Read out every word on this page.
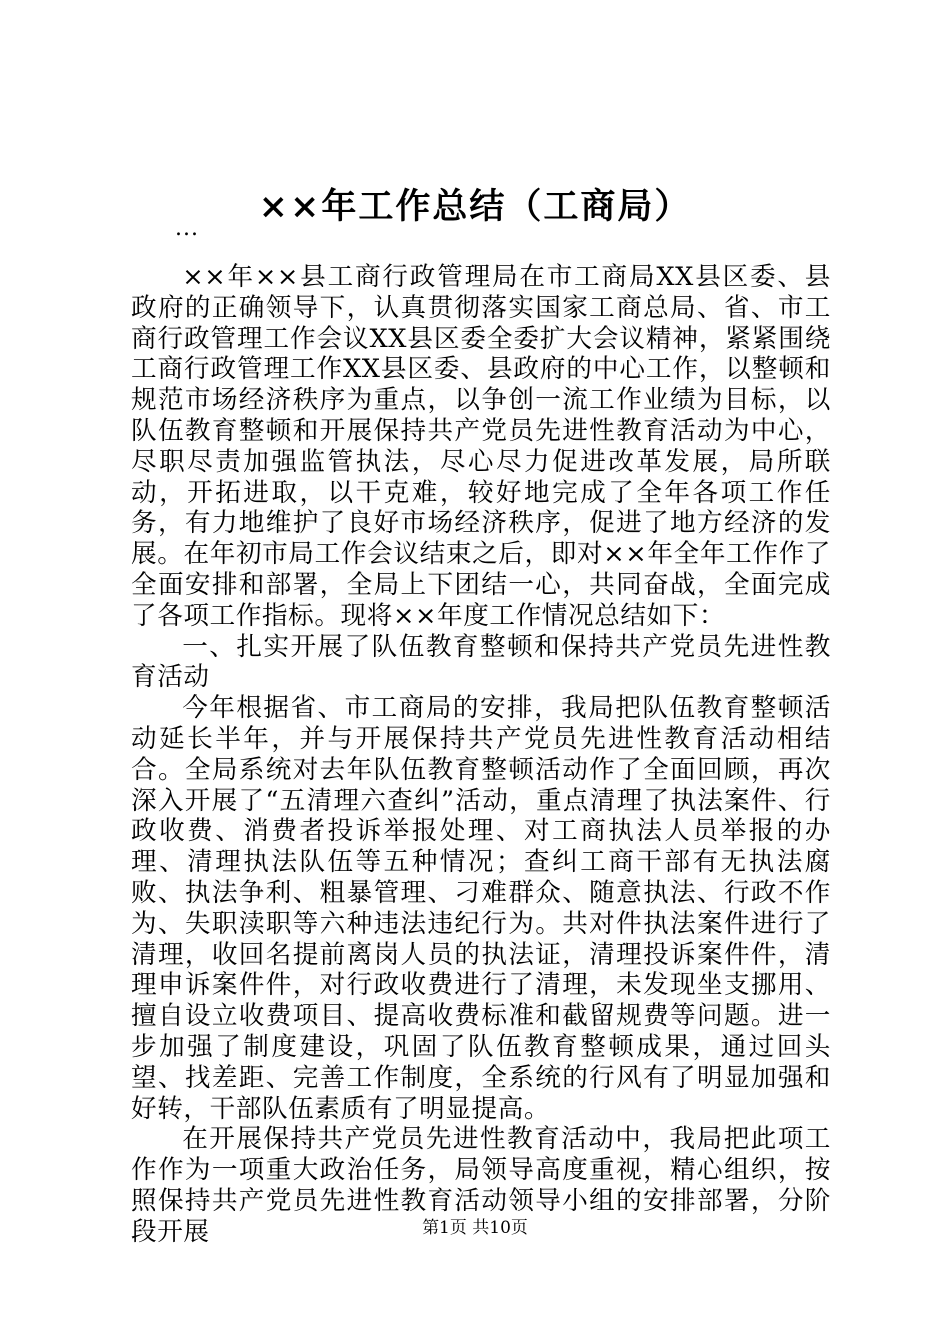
××年工作总结（工商局）
...

××年××县工商行政管理局在市工商局XX县区委、县政府的正确领导下，认真贯彻落实国家工商总局、省、市工商行政管理工作会议XX县区委全委扩大会议精神，紧紧围绕工商行政管理工作XX县区委、县政府的中心工作，以整顿和规范市场经济秩序为重点，以争创一流工作业绩为目标，以队伍教育整顿和开展保持共产党员先进性教育活动为中心，尽职尽责加强监管执法，尽心尽力促进改革发展，局所联动，开拓进取，以干克难，较好地完成了全年各项工作任务，有力地维护了良好市场经济秩序，促进了地方经济的发展。在年初市局工作会议结束之后，即对××年全年工作作了全面安排和部署，全局上下团结一心，共同奋战，全面完成了各项工作指标。现将××年度工作情况总结如下：

一、扎实开展了队伍教育整顿和保持共产党员先进性教育活动

今年根据省、市工商局的安排，我局把队伍教育整顿活动延长半年，并与开展保持共产党员先进性教育活动相结合。全局系统对去年队伍教育整顿活动作了全面回顾，再次深入开展了“五清理六查纠”活动，重点清理了执法案件、行政收费、消费者投诉举报处理、对工商执法人员举报的办理、清理执法队伍等五种情况；查纠工商干部有无执法腐败、执法争利、粗暴管理、刁难群众、随意执法、行政不作为、失职渎职等六种违法违纪行为。共对件执法案件进行了清理，收回名提前离岗人员的执法证，清理投诉案件件，清理申诉案件件，对行政收费进行了清理，未发现坐支挪用、擅自设立收费项目、提高收费标准和截留规费等问题。进一步加强了制度建设，巩固了队伍教育整顿成果，通过回头望、找差距、完善工作制度，全系统的行风有了明显加强和好转，干部队伍素质有了明显提高。

在开展保持共产党员先进性教育活动中，我局把此项工作作为一项重大政治任务，局领导高度重视，精心组织，按照保持共产党员先进性教育活动领导小组的安排部署，分阶段开展	第1页 共10页
